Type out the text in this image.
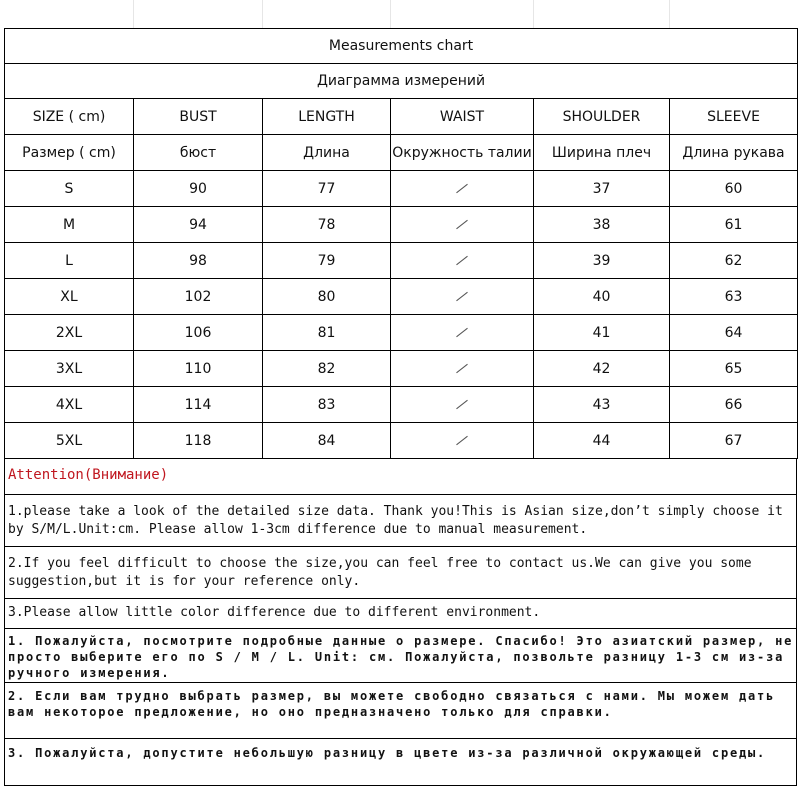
Measurements chart					
Диаграмма измерений					
SIZE ( cm)	BUST	LENGTH	WAIST	SHOULDER	SLEEVE
Размер ( cm)	бюст	Длина	Окружность талии	Ширина плеч	Длина рукава
S	90	77		37	60
M	94	78		38	61
L	98	79		39	62
XL	102	80		40	63
2XL	106	81		41	64
3XL	110	82		42	65
4XL	114	83		43	66
5XL	118	84		44	67
Attention(Внимание)
1.please take a look of the detailed size data. Thank you!This is Asian size,don’t simply choose it by S/M/L.Unit:cm. Please allow 1-3cm difference due to manual measurement.
2.If you feel difficult to choose the size,you can feel free to contact us.We can give you some suggestion,but it is for your reference only.
3.Please allow little color difference due to different environment.
1. Пожалуйста, посмотрите подробные данные о размере. Спасибо! Это азиатский размер, не просто выберите его по S / M / L. Unit: см. Пожалуйста, позвольте разницу 1-3 см из-за ручного измерения.
2. Если вам трудно выбрать размер, вы можете свободно связаться с нами. Мы можем дать вам некоторое предложение, но оно предназначено только для справки.
3. Пожалуйста, допустите небольшую разницу в цвете из-за различной окружающей среды.
